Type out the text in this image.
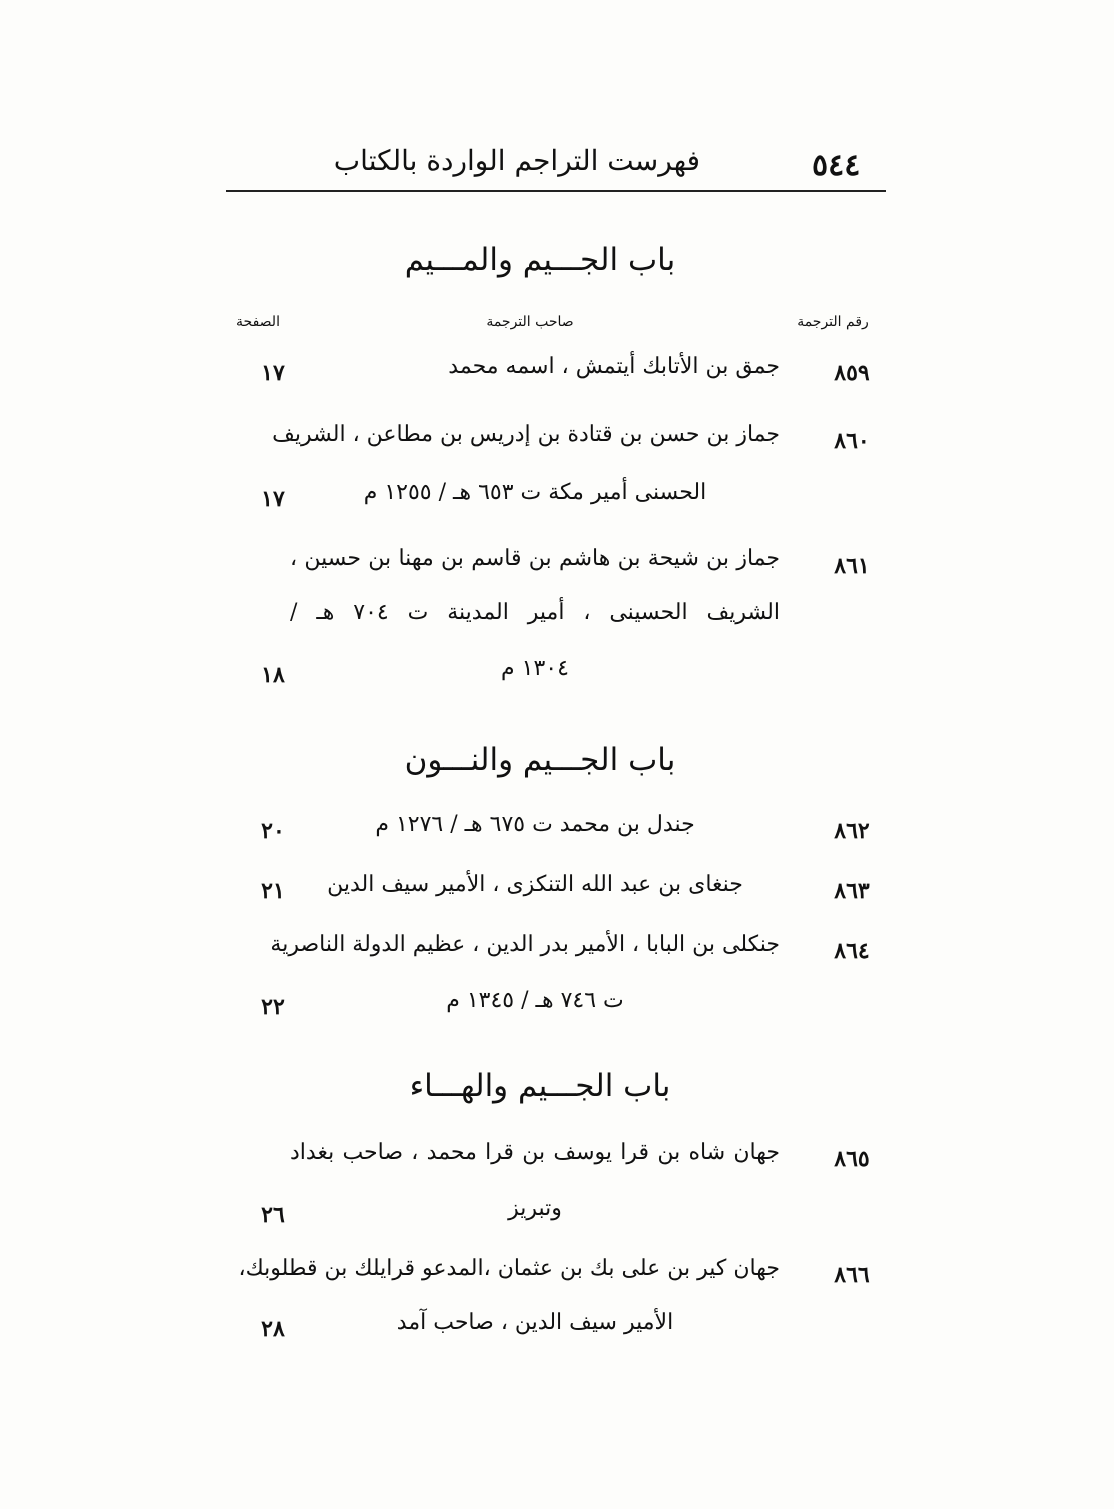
٥٤٤
فهرست التراجم الواردة بالكتاب
باب الجـــيم والمـــيم
رقم الترجمة
صاحب الترجمة
الصفحة
٨٥٩
جمق بن الأتابك أيتمش ، اسمه محمد
١٧
٨٦٠
جماز بن حسن بن قتادة بن إدريس بن مطاعن ، الشريف
الحسنى أمير مكة ت ٦٥٣ هـ / ١٢٥٥ م
١٧
٨٦١
جماز بن شيحة بن هاشم بن قاسم بن مهنا بن حسين ،
الشريف الحسينى ، أمير المدينة ت ٧٠٤ هـ /
١٣٠٤ م
١٨
باب الجـــيم والنـــون
٨٦٢
جندل بن محمد ت ٦٧٥ هـ / ١٢٧٦ م
٢٠
٨٦٣
جنغاى بن عبد الله التنكزى ، الأمير سيف الدين
٢١
٨٦٤
جنكلى بن البابا ، الأمير بدر الدين ، عظيم الدولة الناصرية
ت ٧٤٦ هـ / ١٣٤٥ م
٢٢
باب الجـــيم والهـــاء
٨٦٥
جهان شاه بن قرا يوسف بن قرا محمد ، صاحب بغداد
وتبريز
٢٦
٨٦٦
جهان كير بن على بك بن عثمان ،المدعو قرايلك بن قطلوبك،
الأمير سيف الدين ، صاحب آمد
٢٨
